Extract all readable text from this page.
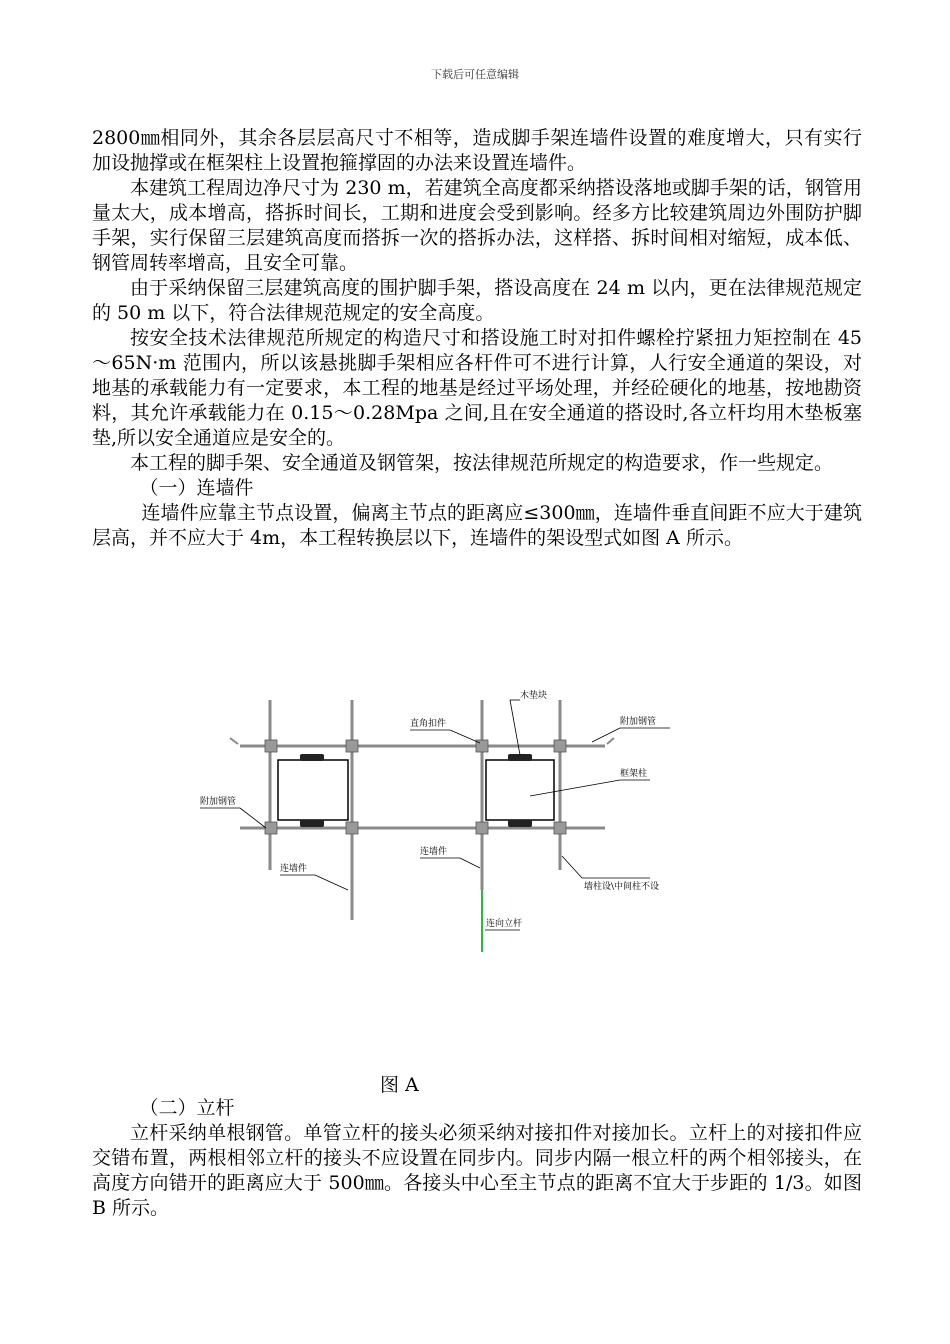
下载后可任意编辑

2800㎜相同外，其余各层层高尺寸不相等，造成脚手架连墙件设置的难度增大，只有实行加设抛撑或在框架柱上设置抱箍撑固的办法来设置连墙件。

本建筑工程周边净尺寸为 230 m，若建筑全高度都采纳搭设落地或脚手架的话，钢管用量太大，成本增高，搭拆时间长，工期和进度会受到影响。经多方比较建筑周边外围防护脚手架，实行保留三层建筑高度而搭拆一次的搭拆办法，这样搭、拆时间相对缩短，成本低、钢管周转率增高，且安全可靠。

由于采纳保留三层建筑高度的围护脚手架，搭设高度在 24 m 以内，更在法律规范规定的 50 m 以下，符合法律规范规定的安全高度。

按安全技术法律规范所规定的构造尺寸和搭设施工时对扣件螺栓拧紧扭力矩控制在 45～65N·m 范围内，所以该悬挑脚手架相应各杆件可不进行计算，人行安全通道的架设，对地基的承载能力有一定要求，本工程的地基是经过平场处理，并经砼硬化的地基，按地勘资料，其允许承载能力在 0.15～0.28Mpa 之间,且在安全通道的搭设时,各立杆均用木垫板塞垫,所以安全通道应是安全的。

本工程的脚手架、安全通道及钢管架，按法律规范所规定的构造要求，作一些规定。

（一）连墙件

连墙件应靠主节点设置，偏离主节点的距离应≤300㎜，连墙件垂直间距不应大于建筑层高，并不应大于 4m，本工程转换层以下，连墙件的架设型式如图 A 所示。

木垫块
直角扣件	附加钢管
框架柱
附加钢管
连墙件
连墙件
墙柱设\中间柱不设
连向立杆
图 A

（二）立杆

立杆采纳单根钢管。单管立杆的接头必须采纳对接扣件对接加长。立杆上的对接扣件应交错布置，两根相邻立杆的接头不应设置在同步内。同步内隔一根立杆的两个相邻接头，在高度方向错开的距离应大于 500㎜。各接头中心至主节点的距离不宜大于步距的 1/3。如图 B 所示。
